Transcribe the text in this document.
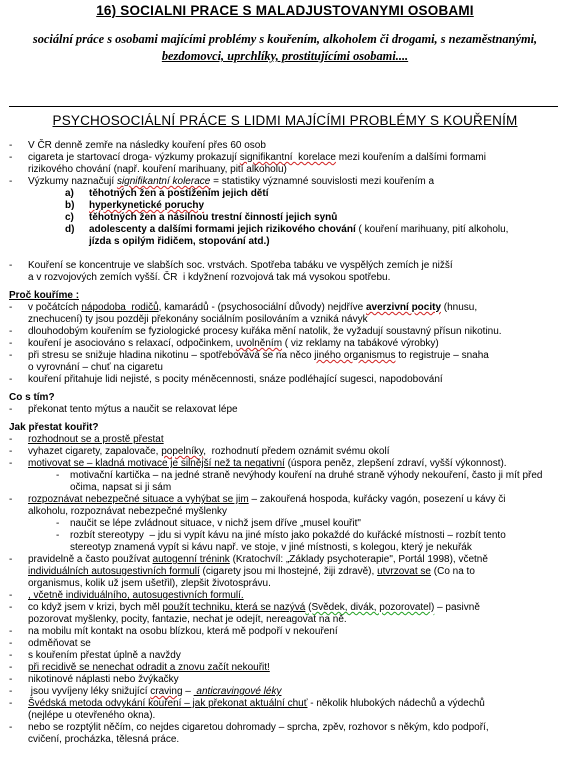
16) SOCIALNI PRACE S MALADJUSTOVANYMI OSOBAMI
sociální práce s osobami majícími problémy s kouřením, alkoholem či drogami, s nezaměstnanými,
bezdomovci, uprchlíky, prostitujícími osobami....
PSYCHOSOCIÁLNÍ PRÁCE S LIDMI MAJÍCÍMI PROBLÉMY S KOUŘENÍM
- V ČR denně zemře na následky kouření přes 60 osob
- cigareta je startovací droga- výzkumy prokazují signifikantní  korelace mezi kouřením a dalšími formami
rizikového chování (např. kouření marihuany, pití alkoholu)
- Výzkumy naznačují signifikantní kolerace = statistiky významné souvislosti mezi kouřením a
a) těhotných žen a postižením jejich dětí
b) hyperkynetické poruchy
c) těhotných žen a násilnou trestní činností jejich synů
d) adolescenty a dalšími formami jejich rizikového chování ( kouření marihuany, pití alkoholu,
jízda s opilým řidičem, stopování atd.)
- Kouření se koncentruje ve slabších soc. vrstvách. Spotřeba tabáku ve vyspělých zemích je nižší
a v rozvojových zemích vyšší. ČR  i kdyžnení rozvojová tak má vysokou spotřebu.
Proč kouříme :
- v počátcích nápodoba  rodičů, kamarádů - (psychosociální důvody) nejdříve averzivní pocity (hnusu,
znechucení) ty jsou později překonány sociálním posilováním a vzniká návyk
- dlouhodobým kouřením se fyziologické procesy kuřáka mění natolik, že vyžadují soustavný přísun nikotinu.
- kouření je asociováno s relaxací, odpočinkem, uvolněním ( viz reklamy na tabákové výrobky)
- při stresu se snižuje hladina nikotinu – spotřebovává se na něco jiného organismus to registruje – snaha
o vyrovnání – chuť na cigaretu
- kouření přitahuje lidi nejisté, s pocity méněcennosti, snáze podléhající sugesci, napodobování
Co s tím?
- překonat tento mýtus a naučit se relaxovat lépe
Jak přestat kouřit?
- rozhodnout se a prostě přestat
- vyhazet cigarety, zapalovače, popelníky,  rozhodnutí předem oznámit svému okolí
- motivovat se – kladná motivace je silnější než ta negativní (úspora peněz, zlepšení zdraví, vyšší výkonnost).
- motivační kartička – na jedné straně nevýhody kouření na druhé straně výhody nekouření, často ji mít před
očima, napsat si ji sám
- rozpoznávat nebezpečné situace a vyhýbat se jim – zakouřená hospoda, kuřácky vagón, posezení u kávy či
alkoholu, rozpoznávat nebezpečné myšlenky
- naučit se lépe zvládnout situace, v nichž jsem dříve „musel kouřit"
- rozbít stereotypy  – jdu si vypít kávu na jiné místo jako pokaždé do kuřácké místnosti – rozbít tento
stereotyp znamená vypít si kávu např. ve stoje, v jiné místnosti, s kolegou, který je nekuřák
- pravidelně a často používat autogenní trénink (Kratochvíl: „Základy psychoterapie", Portál 1998), včetně
individuálních autosugestivních formulí (cigarety jsou mi lhostejné, žiji zdravě), utvrzovat se (Co na to
organismus, kolik už jsem ušetřil), zlepšit životosprávu.
- , včetně individuálního, autosugestivních formulí.
- co když jsem v krizi, bych měl použít techniku, která se nazývá (Svědek, divák, pozorovatel) – pasivně
pozorovat myšlenky, pocity, fantazie, nechat je odejít, nereagovat na ně.
- na mobilu mít kontakt na osobu blízkou, která mě podpoří v nekouření
- odměňovat se
- s kouřením přestat úplně a navždy
- při recidivě se nenechat odradit a znovu začít nekouřit!
- nikotinové náplasti nebo žvýkačky
- jsou vyvíjeny léky snižující craving –  anticravingové léky
- Švédská metoda odvykání kouření – jak překonat aktuální chuť - několik hlubokých nádechů a výdechů
(nejlépe u otevřeného okna).
- nebo se rozptýlit něčím, co nejdes cigaretou dohromady – sprcha, zpěv, rozhovor s někým, kdo podpoří,
cvičení, procházka, tělesná práce.
